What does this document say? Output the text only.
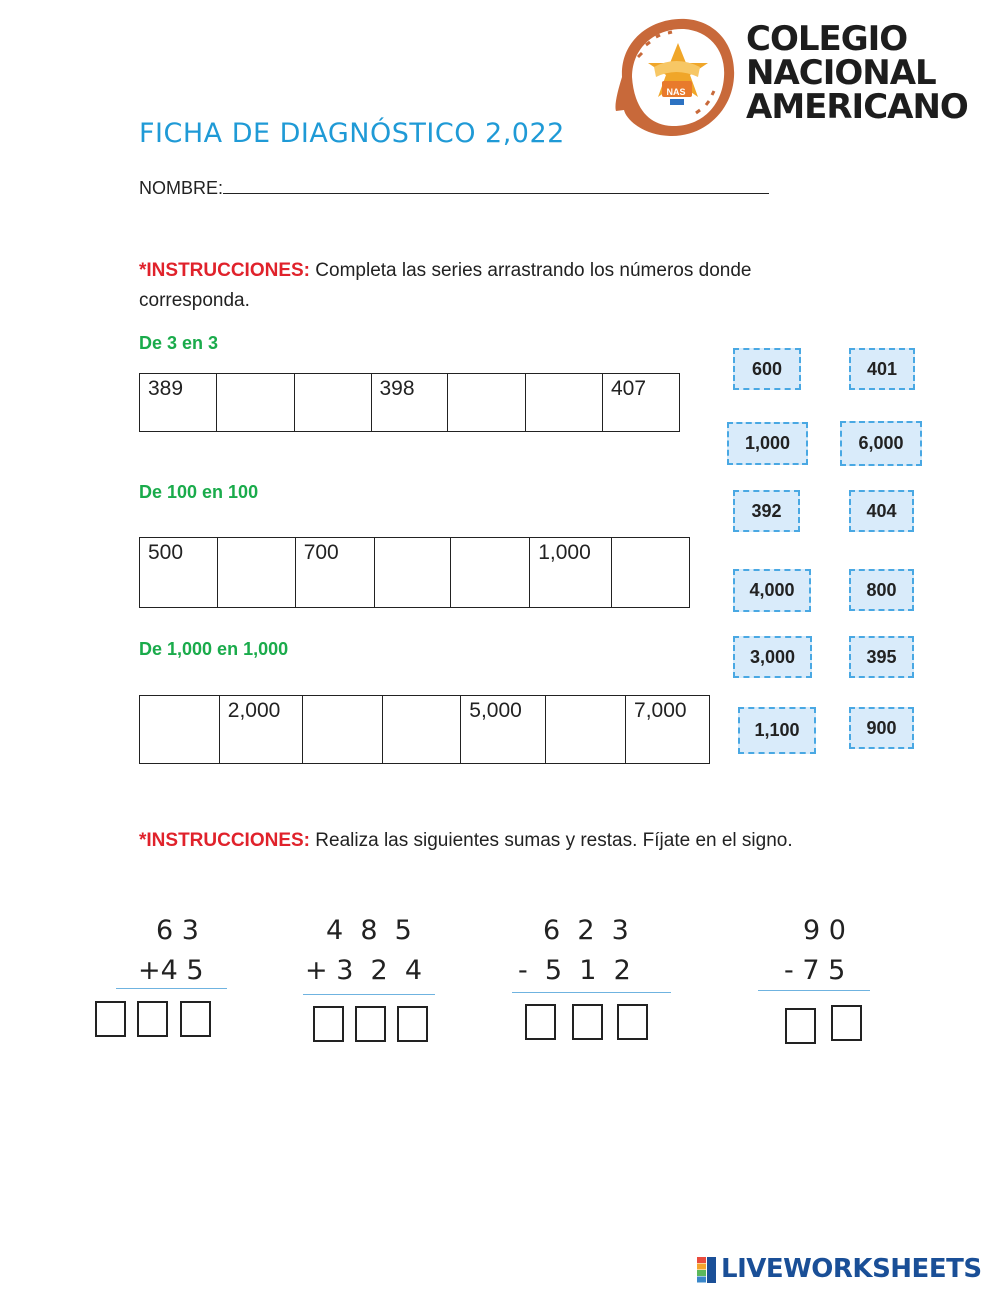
NAS
COLEGIO
NACIONAL
AMERICANO
FICHA DE DIAGNÓSTICO 2,022
NOMBRE:
*INSTRUCCIONES: Completa las series arrastrando los números donde
corresponda.
De 3 en 3
389			398			407
De 100 en 100
500		700			1,000	
De 1,000 en 1,000
	2,000			5,000		7,000
600	401
1,000	6,000
392	404
4,000	800
3,000	395
1,100	900
*INSTRUCCIONES: Realiza las siguientes sumas y restas. Fíjate en el signo.
6 3
+4 5
4  8  5
+ 3  2  4
6  2  3
-  5  1  2
9 0
- 7 5
LIVEWORKSHEETS
